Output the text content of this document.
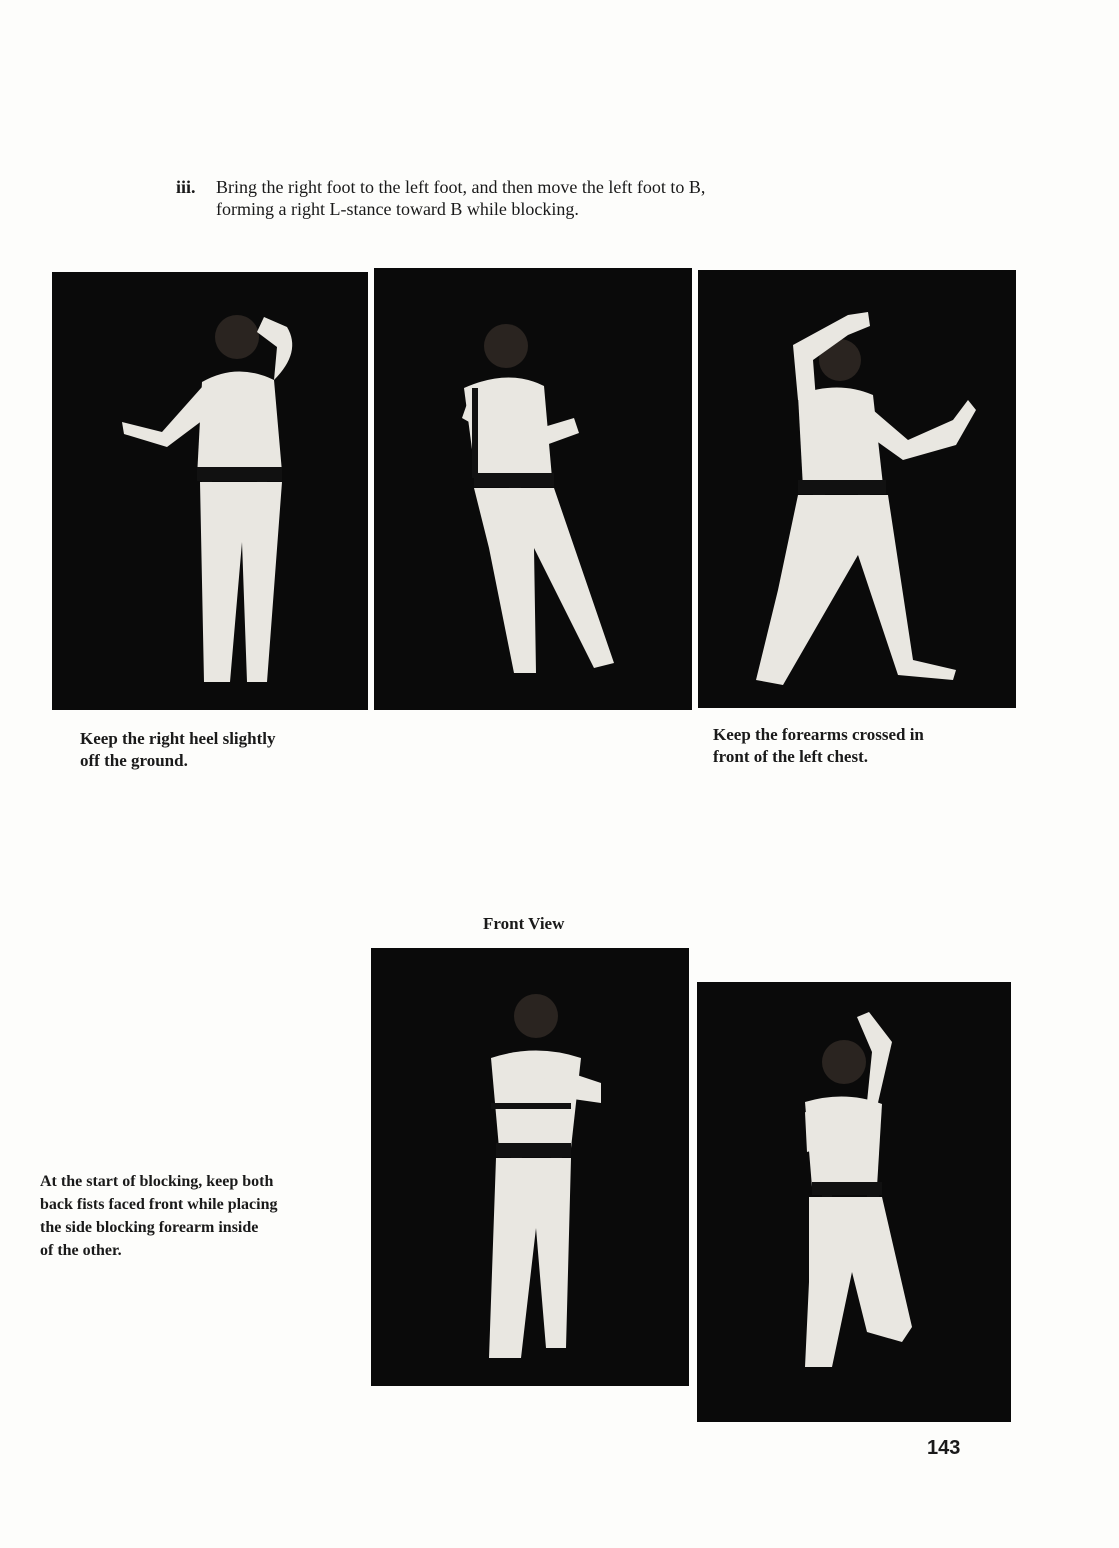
iii. Bring the right foot to the left foot, and then move the left foot to B,
forming a right L-stance toward B while blocking.
Keep the right heel slightly
off the ground.
Keep the forearms crossed in
front of the left chest.
Front View
At the start of blocking, keep both
back fists faced front while placing
the side blocking forearm inside
of the other.
143
